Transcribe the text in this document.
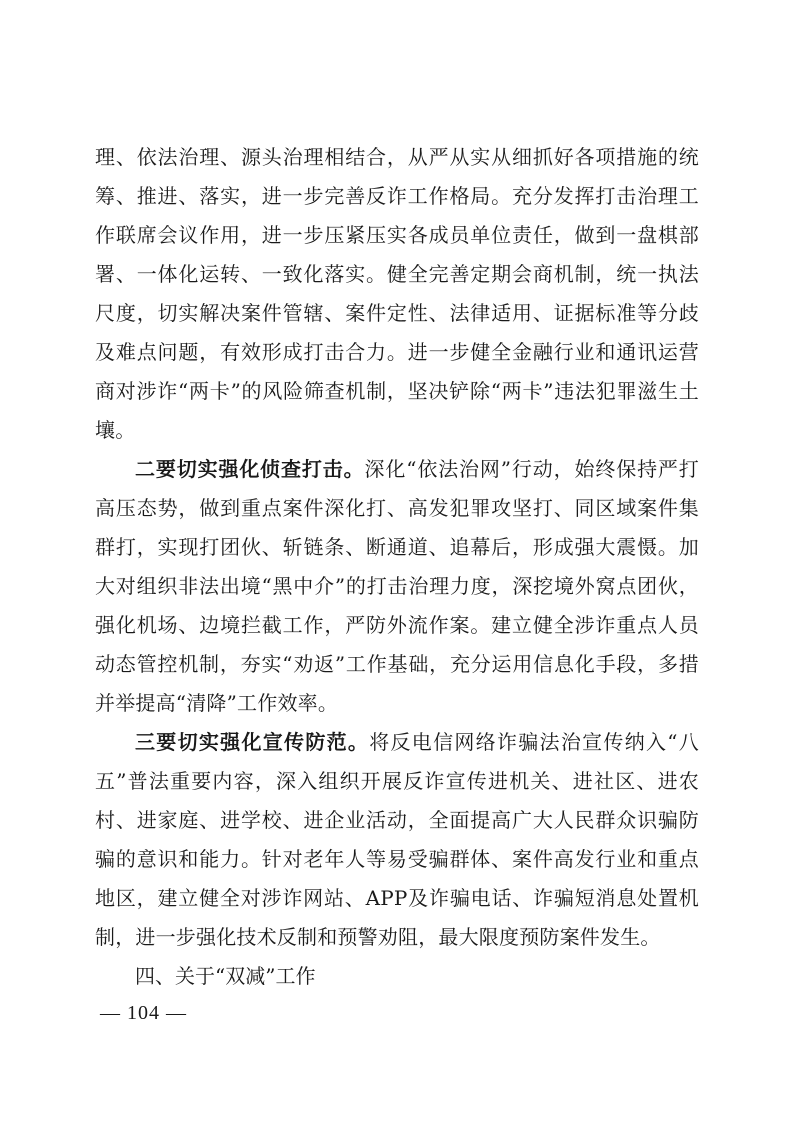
理、依法治理、源头治理相结合，从严从实从细抓好各项措施的统筹、推进、落实，进一步完善反诈工作格局。充分发挥打击治理工作联席会议作用，进一步压紧压实各成员单位责任，做到一盘棋部署、一体化运转、一致化落实。健全完善定期会商机制，统一执法尺度，切实解决案件管辖、案件定性、法律适用、证据标准等分歧及难点问题，有效形成打击合力。进一步健全金融行业和通讯运营商对涉诈“两卡”的风险筛查机制，坚决铲除“两卡”违法犯罪滋生土壤。

二要切实强化侦查打击。深化“依法治网”行动，始终保持严打高压态势，做到重点案件深化打、高发犯罪攻坚打、同区域案件集群打，实现打团伙、斩链条、断通道、追幕后，形成强大震慑。加大对组织非法出境“黑中介”的打击治理力度，深挖境外窝点团伙，强化机场、边境拦截工作，严防外流作案。建立健全涉诈重点人员动态管控机制，夯实“劝返”工作基础，充分运用信息化手段，多措并举提高“清降”工作效率。

三要切实强化宣传防范。将反电信网络诈骗法治宣传纳入“八五”普法重要内容，深入组织开展反诈宣传进机关、进社区、进农村、进家庭、进学校、进企业活动，全面提高广大人民群众识骗防骗的意识和能力。针对老年人等易受骗群体、案件高发行业和重点地区，建立健全对涉诈网站、APP及诈骗电话、诈骗短消息处置机制，进一步强化技术反制和预警劝阻，最大限度预防案件发生。

四、关于“双减”工作

— 104 —
